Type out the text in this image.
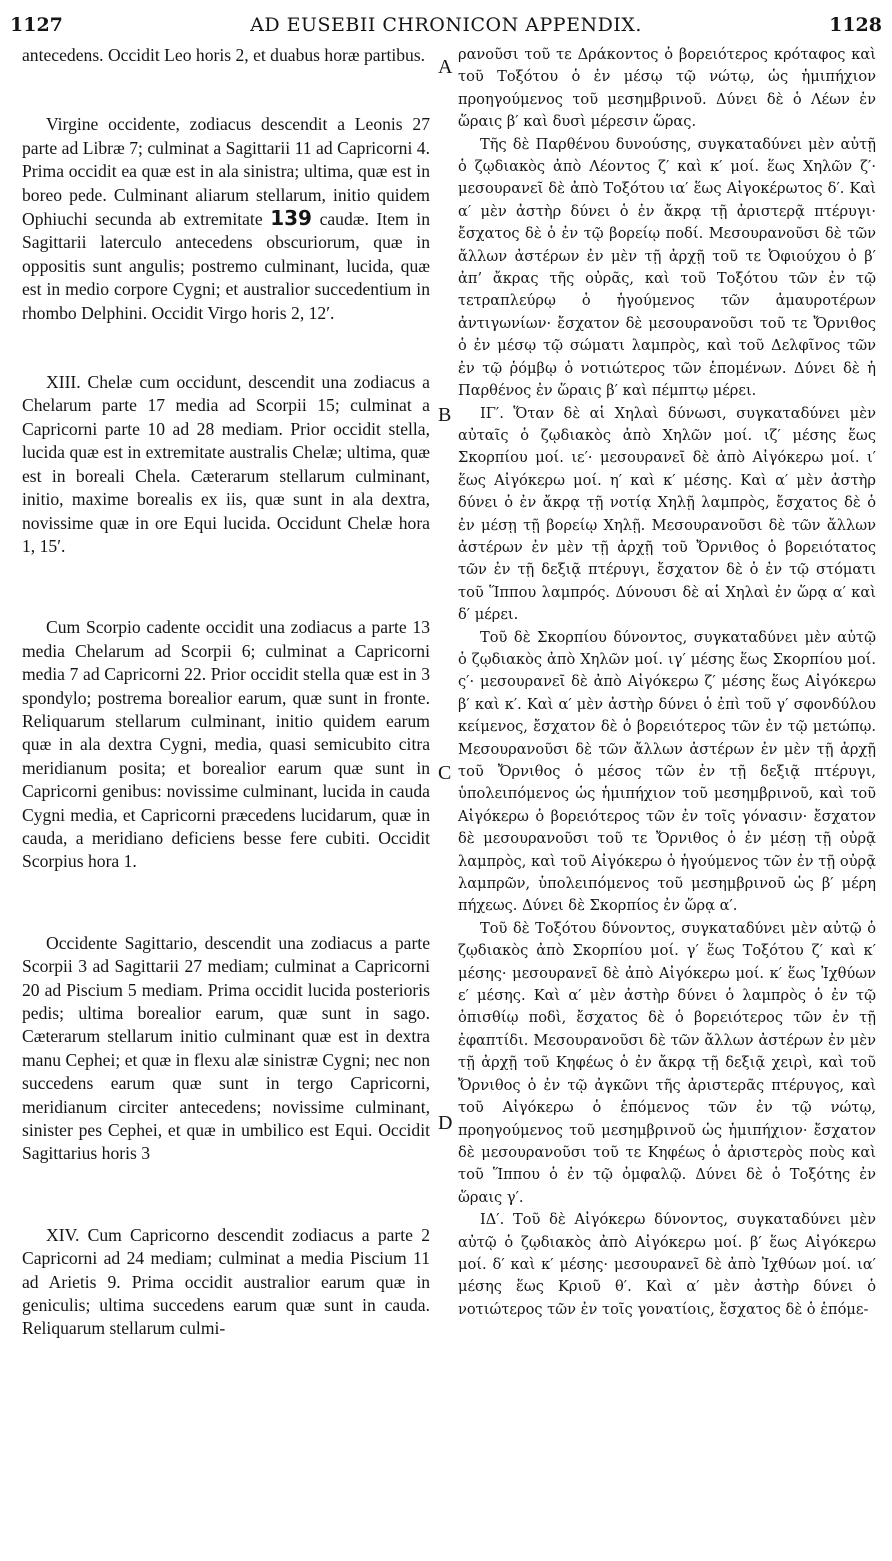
1127	AD EUSEBII CHRONICON APPENDIX.	1128

antecedens. Occidit Leo horis 2, et duabus horæ partibus.

Virgine occidente, zodiacus descendit a Leonis 27 parte ad Libræ 7; culminat a Sagittarii 11 ad Capricorni 4. Prima occidit ea quæ est in ala sinistra; ultima, quæ est in boreo pede. Culminant aliarum stellarum, initio quidem Ophiuchi secunda ab extremitate 139 caudæ. Item in Sagittarii laterculo antecedens obscuriorum, quæ in oppositis sunt angulis; postremo culminant, lucida, quæ est in medio corpore Cygni; et australior succedentium in rhombo Delphini. Occidit Virgo horis 2, 12′.

XIII. Chelæ cum occidunt, descendit una zodiacus a Chelarum parte 17 media ad Scorpii 15; culminat a Capricorni parte 10 ad 28 mediam. Prior occidit stella, lucida quæ est in extremitate australis Chelæ; ultima, quæ est in boreali Chela. Cæterarum stellarum culminant, initio, maxime borealis ex iis, quæ sunt in ala dextra, novissime quæ in ore Equi lucida. Occidunt Chelæ hora 1, 15′.

Cum Scorpio cadente occidit una zodiacus a parte 13 media Chelarum ad Scorpii 6; culminat a Capricorni media 7 ad Capricorni 22. Prior occidit stella quæ est in 3 spondylo; postrema borealior earum, quæ sunt in fronte. Reliquarum stellarum culminant, initio quidem earum quæ in ala dextra Cygni, media, quasi semicubito citra meridianum posita; et borealior earum quæ sunt in Capricorni genibus: novissime culminant, lucida in cauda Cygni media, et Capricorni præcedens lucidarum, quæ in cauda, a meridiano deficiens besse fere cubiti. Occidit Scorpius hora 1.

Occidente Sagittario, descendit una zodiacus a parte Scorpii 3 ad Sagittarii 27 mediam; culminat a Capricorni 20 ad Piscium 5 mediam. Prima occidit lucida posterioris pedis; ultima borealior earum, quæ sunt in sago. Cæterarum stellarum initio culminant quæ est in dextra manu Cephei; et quæ in flexu alæ sinistræ Cygni; nec non succedens earum quæ sunt in tergo Capricorni, meridianum circiter antecedens; novissime culminant, sinister pes Cephei, et quæ in umbilico est Equi. Occidit Sagittarius horis 3

XIV. Cum Capricorno descendit zodiacus a parte 2 Capricorni ad 24 mediam; culminat a media Piscium 11 ad Arietis 9. Prima occidit australior earum quæ in geniculis; ultima succedens earum quæ sunt in cauda. Reliquarum stellarum culmi-

A
B
C
D

ρανοῦσι τοῦ τε Δράκοντος ὁ βορειότερος κρόταφος καὶ τοῦ Τοξότου ὁ ἐν μέσῳ τῷ νώτῳ, ὡς ἡμιπήχιον προηγούμενος τοῦ μεσημβρινοῦ. Δύνει δὲ ὁ Λέων ἐν ὥραις β′ καὶ δυσὶ μέρεσιν ὥρας.

Τῆς δὲ Παρθένου δυνούσης, συγκαταδύνει μὲν αὐτῇ ὁ ζῳδιακὸς ἀπὸ Λέοντος ζ′ καὶ κ′ μοί. ἕως Χηλῶν ζ′· μεσουρανεῖ δὲ ἀπὸ Τοξότου ια′ ἕως Αἰγοκέρωτος δ′. Καὶ α′ μὲν ἀστὴρ δύνει ὁ ἐν ἄκρᾳ τῇ ἀριστερᾷ πτέρυγι· ἔσχατος δὲ ὁ ἐν τῷ βορείῳ ποδί. Μεσουρανοῦσι δὲ τῶν ἄλλων ἀστέρων ἐν μὲν τῇ ἀρχῇ τοῦ τε Ὀφιούχου ὁ β′ ἀπ’ ἄκρας τῆς οὐρᾶς, καὶ τοῦ Τοξότου τῶν ἐν τῷ τετραπλεύρῳ ὁ ἡγούμενος τῶν ἀμαυροτέρων ἀντιγωνίων· ἔσχατον δὲ μεσουρανοῦσι τοῦ τε Ὄρνιθος ὁ ἐν μέσῳ τῷ σώματι λαμπρὸς, καὶ τοῦ Δελφῖνος τῶν ἐν τῷ ῥόμβῳ ὁ νοτιώτερος τῶν ἑπομένων. Δύνει δὲ ἡ Παρθένος ἐν ὥραις β′ καὶ πέμπτῳ μέρει.

ΙΓ′. Ὅταν δὲ αἱ Χηλαὶ δύνωσι, συγκαταδύνει μὲν αὐταῖς ὁ ζῳδιακὸς ἀπὸ Χηλῶν μοί. ιζ′ μέσης ἕως Σκορπίου μοί. ιε′· μεσουρανεῖ δὲ ἀπὸ Αἰγόκερω μοί. ι′ ἕως Αἰγόκερω μοί. η′ καὶ κ′ μέσης. Καὶ α′ μὲν ἀστὴρ δύνει ὁ ἐν ἄκρᾳ τῇ νοτίᾳ Χηλῇ λαμπρὸς, ἔσχατος δὲ ὁ ἐν μέσῃ τῇ βορείῳ Χηλῇ. Μεσουρανοῦσι δὲ τῶν ἄλλων ἀστέρων ἐν μὲν τῇ ἀρχῇ τοῦ Ὄρνιθος ὁ βορειότατος τῶν ἐν τῇ δεξιᾷ πτέρυγι, ἔσχατον δὲ ὁ ἐν τῷ στόματι τοῦ Ἵππου λαμπρός. Δύνουσι δὲ αἱ Χηλαὶ ἐν ὥρᾳ α′ καὶ δ′ μέρει.

Τοῦ δὲ Σκορπίου δύνοντος, συγκαταδύνει μὲν αὐτῷ ὁ ζῳδιακὸς ἀπὸ Χηλῶν μοί. ιγ′ μέσης ἕως Σκορπίου μοί. ς′· μεσουρανεῖ δὲ ἀπὸ Αἰγόκερω ζ′ μέσης ἕως Αἰγόκερω β′ καὶ κ′. Καὶ α′ μὲν ἀστὴρ δύνει ὁ ἐπὶ τοῦ γ′ σφονδύλου κείμενος, ἔσχατον δὲ ὁ βορειότερος τῶν ἐν τῷ μετώπῳ. Μεσουρανοῦσι δὲ τῶν ἄλλων ἀστέρων ἐν μὲν τῇ ἀρχῇ τοῦ Ὄρνιθος ὁ μέσος τῶν ἐν τῇ δεξιᾷ πτέρυγι, ὑπολειπόμενος ὡς ἡμιπήχιον τοῦ μεσημβρινοῦ, καὶ τοῦ Αἰγόκερω ὁ βορειότερος τῶν ἐν τοῖς γόνασιν· ἔσχατον δὲ μεσουρανοῦσι τοῦ τε Ὄρνιθος ὁ ἐν μέσῃ τῇ οὐρᾷ λαμπρὸς, καὶ τοῦ Αἰγόκερω ὁ ἡγούμενος τῶν ἐν τῇ οὐρᾷ λαμπρῶν, ὑπολειπόμενος τοῦ μεσημβρινοῦ ὡς β′ μέρη πήχεως. Δύνει δὲ Σκορπίος ἐν ὥρᾳ α′.

Τοῦ δὲ Τοξότου δύνοντος, συγκαταδύνει μὲν αὐτῷ ὁ ζῳδιακὸς ἀπὸ Σκορπίου μοί. γ′ ἕως Τοξότου ζ′ καὶ κ′ μέσης· μεσουρανεῖ δὲ ἀπὸ Αἰγόκερω μοί. κ′ ἕως Ἰχθύων ε′ μέσης. Καὶ α′ μὲν ἀστὴρ δύνει ὁ λαμπρὸς ὁ ἐν τῷ ὀπισθίῳ ποδὶ, ἔσχατος δὲ ὁ βορειότερος τῶν ἐν τῇ ἐφαπτίδι. Μεσουρανοῦσι δὲ τῶν ἄλλων ἀστέρων ἐν μὲν τῇ ἀρχῇ τοῦ Κηφέως ὁ ἐν ἄκρᾳ τῇ δεξιᾷ χειρὶ, καὶ τοῦ Ὄρνιθος ὁ ἐν τῷ ἀγκῶνι τῆς ἀριστερᾶς πτέρυγος, καὶ τοῦ Αἰγόκερω ὁ ἑπόμενος τῶν ἐν τῷ νώτῳ, προηγούμενος τοῦ μεσημβρινοῦ ὡς ἡμιπήχιον· ἔσχατον δὲ μεσουρανοῦσι τοῦ τε Κηφέως ὁ ἀριστερὸς ποὺς καὶ τοῦ Ἵππου ὁ ἐν τῷ ὀμφαλῷ. Δύνει δὲ ὁ Τοξότης ἐν ὥραις γ′.

ΙΔ′. Τοῦ δὲ Αἰγόκερω δύνοντος, συγκαταδύνει μὲν αὐτῷ ὁ ζῳδιακὸς ἀπὸ Αἰγόκερω μοί. β′ ἕως Αἰγόκερω μοί. δ′ καὶ κ′ μέσης· μεσουρανεῖ δὲ ἀπὸ Ἰχθύων μοί. ια′ μέσης ἕως Κριοῦ θ′. Καὶ α′ μὲν ἀστὴρ δύνει ὁ νοτιώτερος τῶν ἐν τοῖς γονατίοις, ἔσχατος δὲ ὁ ἑπόμε-
